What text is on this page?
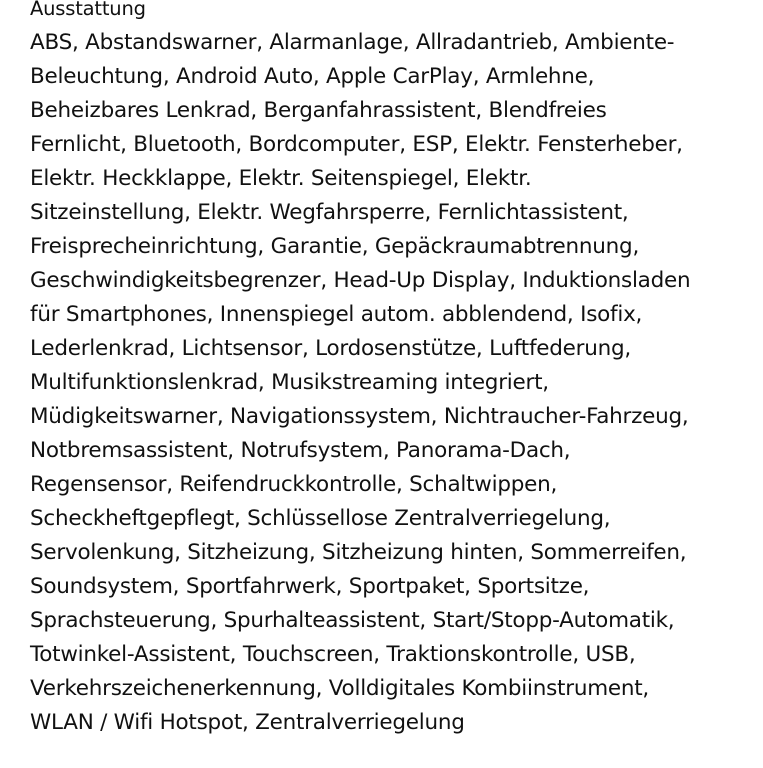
Ausstattung
ABS, Abstandswarner, Alarmanlage, Allradantrieb, Ambiente-
Beleuchtung, Android Auto, Apple CarPlay, Armlehne,
Beheizbares Lenkrad, Berganfahrassistent, Blendfreies
Fernlicht, Bluetooth, Bordcomputer, ESP, Elektr. Fensterheber,
Elektr. Heckklappe, Elektr. Seitenspiegel, Elektr.
Sitzeinstellung, Elektr. Wegfahrsperre, Fernlichtassistent,
Freisprecheinrichtung, Garantie, Gepäckraumabtrennung,
Geschwindigkeitsbegrenzer, Head-Up Display, Induktionsladen
für Smartphones, Innenspiegel autom. abblendend, Isofix,
Lederlenkrad, Lichtsensor, Lordosenstütze, Luftfederung,
Multifunktionslenkrad, Musikstreaming integriert,
Müdigkeitswarner, Navigationssystem, Nichtraucher-Fahrzeug,
Notbremsassistent, Notrufsystem, Panorama-Dach,
Regensensor, Reifendruckkontrolle, Schaltwippen,
Scheckheftgepflegt, Schlüssellose Zentralverriegelung,
Servolenkung, Sitzheizung, Sitzheizung hinten, Sommerreifen,
Soundsystem, Sportfahrwerk, Sportpaket, Sportsitze,
Sprachsteuerung, Spurhalteassistent, Start/Stopp-Automatik,
Totwinkel-Assistent, Touchscreen, Traktionskontrolle, USB,
Verkehrszeichenerkennung, Volldigitales Kombiinstrument,
WLAN / Wifi Hotspot, Zentralverriegelung
